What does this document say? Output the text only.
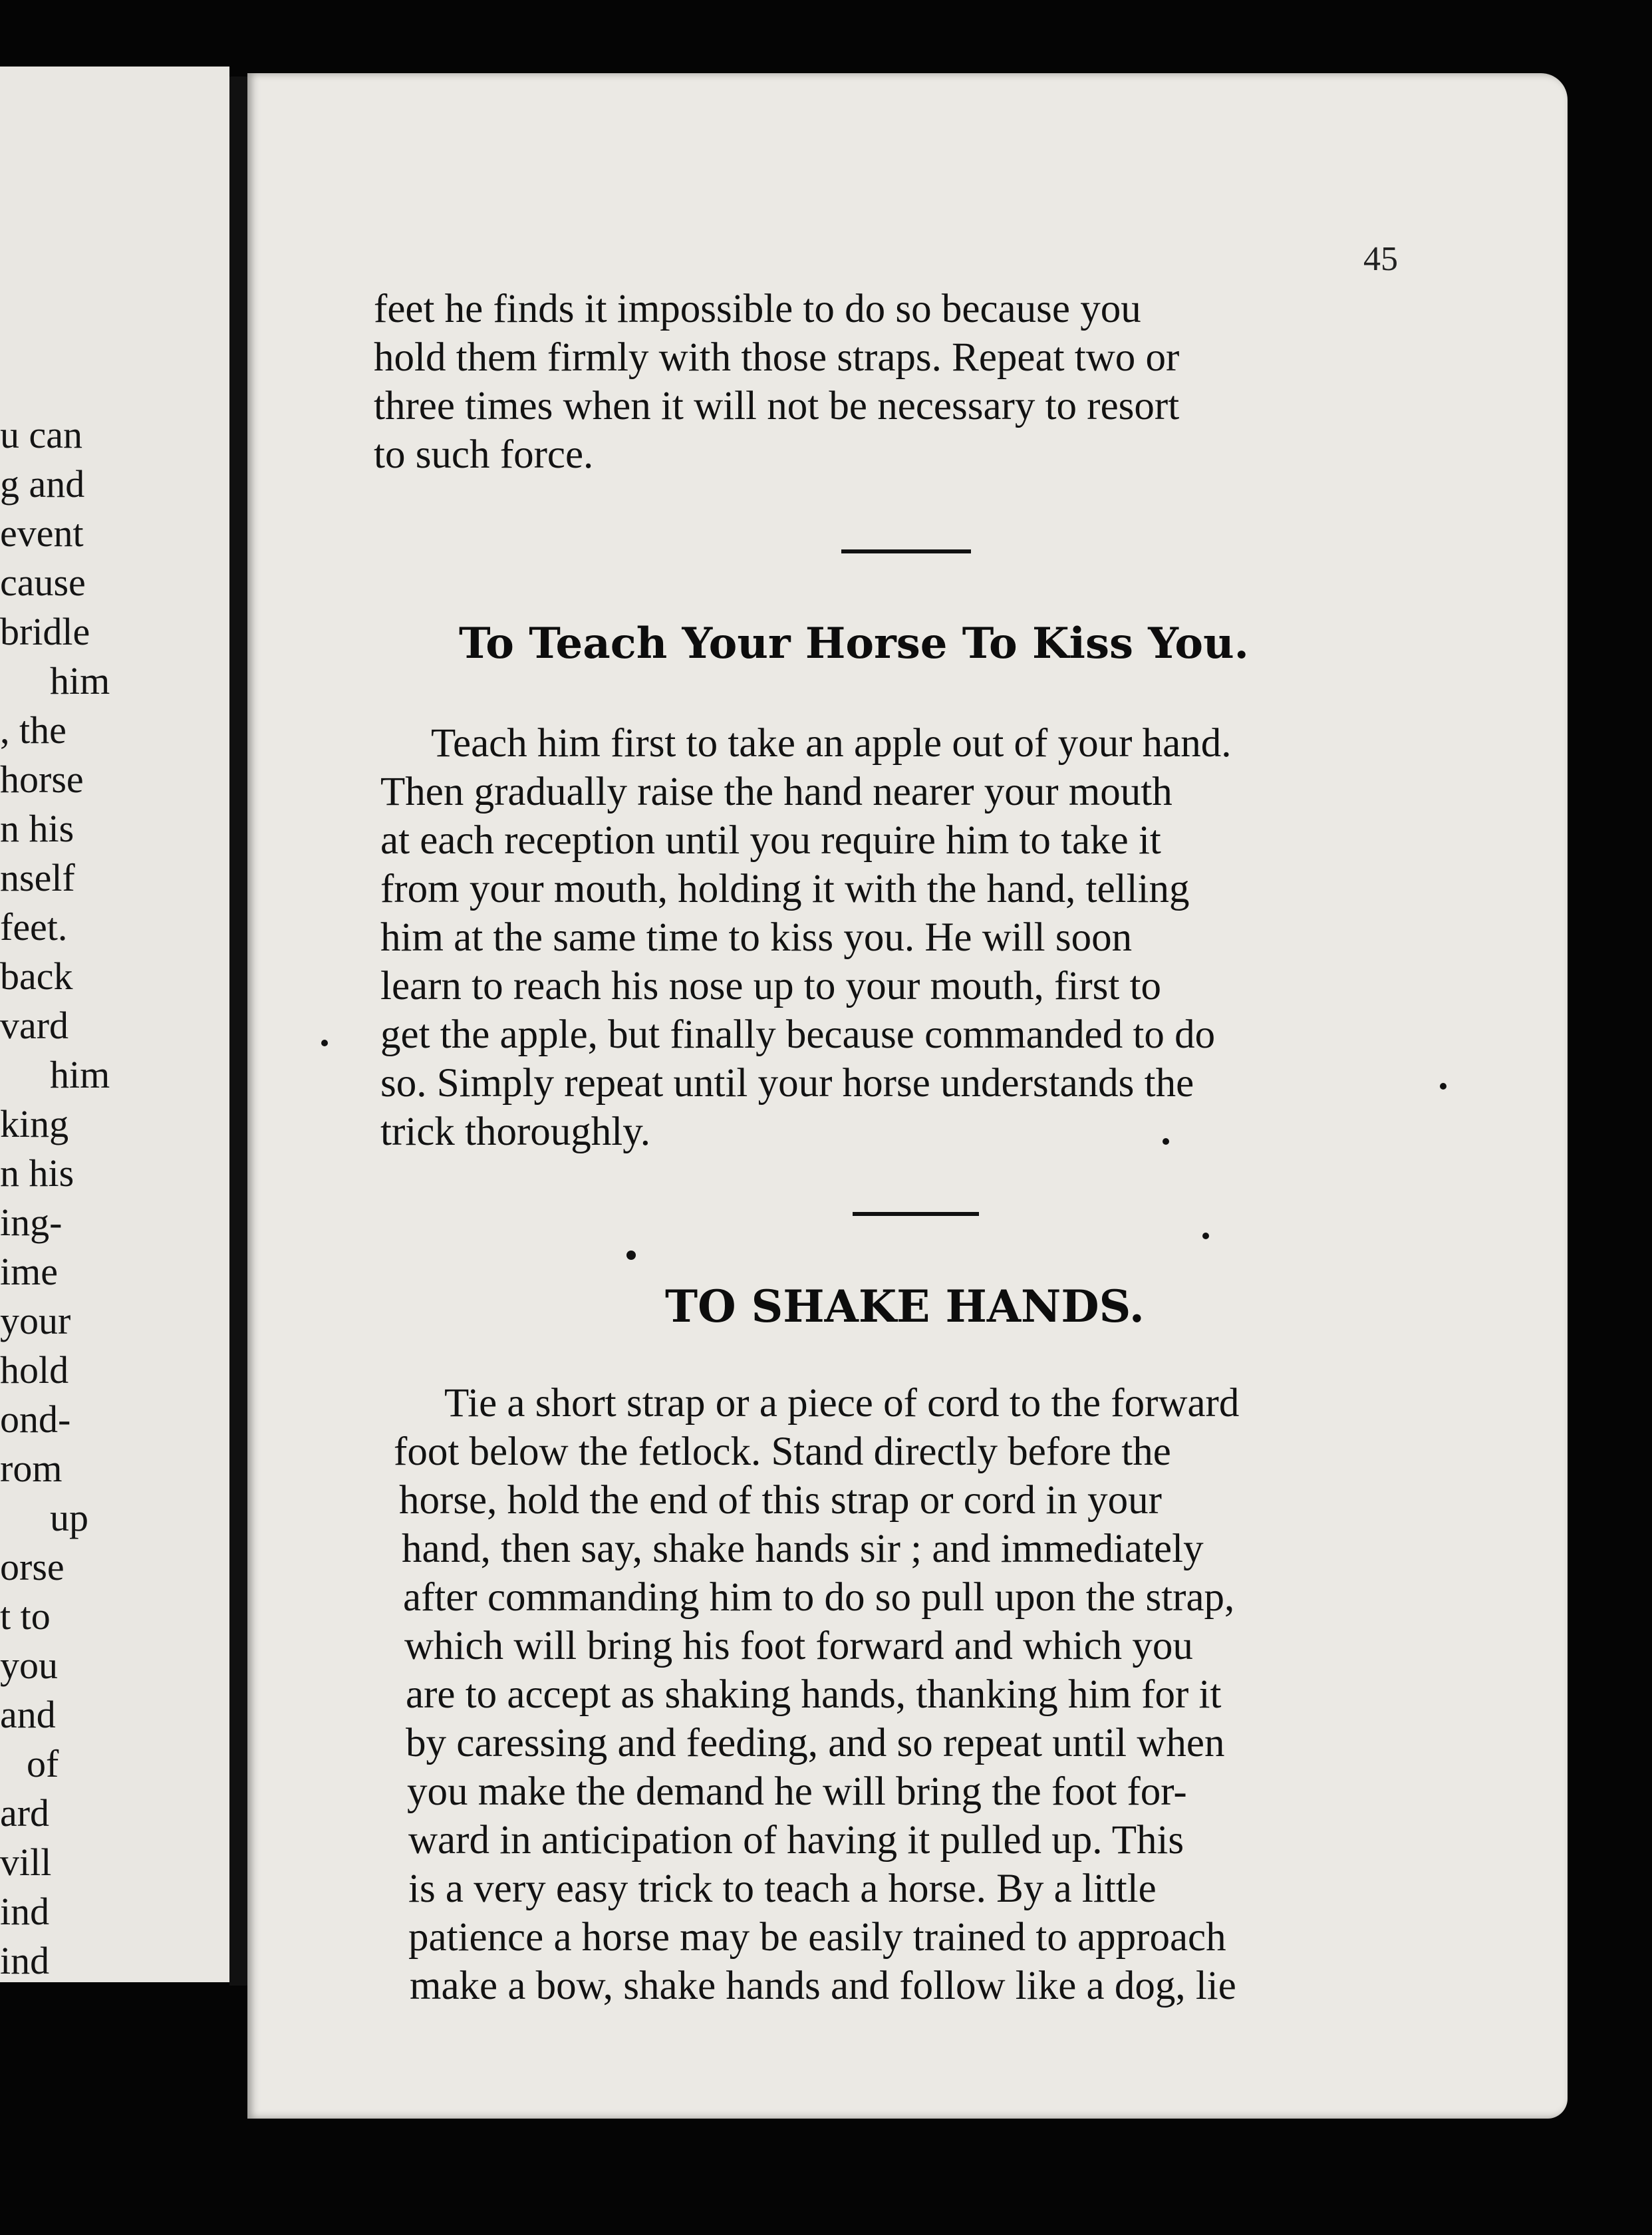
u can
g and
event
cause
bridle
him
, the
horse
n his
nself
feet.
back
vard
him
king
n his
ing-
ime
your
hold
ond-
rom
up
orse
t to
you
and
of
ard
vill
ind
ind
45
feet he finds it impossible to do so because you
hold them firmly with those straps. Repeat two or
three times when it will not be necessary to resort
to such force.
To Teach Your Horse To Kiss You.
Teach him first to take an apple out of your hand.
Then gradually raise the hand nearer your mouth
at each reception until you require him to take it
from your mouth, holding it with the hand, telling
him at the same time to kiss you. He will soon
learn to reach his nose up to your mouth, first to
get the apple, but finally because commanded to do
so. Simply repeat until your horse understands the
trick thoroughly.
TO SHAKE HANDS.
Tie a short strap or a piece of cord to the forward
foot below the fetlock. Stand directly before the
horse, hold the end of this strap or cord in your
hand, then say, shake hands sir ; and immediately
after commanding him to do so pull upon the strap,
which will bring his foot forward and which you
are to accept as shaking hands, thanking him for it
by caressing and feeding, and so repeat until when
you make the demand he will bring the foot for-
ward in anticipation of having it pulled up. This
is a very easy trick to teach a horse. By a little
patience a horse may be easily trained to approach
make a bow, shake hands and follow like a dog, lie
